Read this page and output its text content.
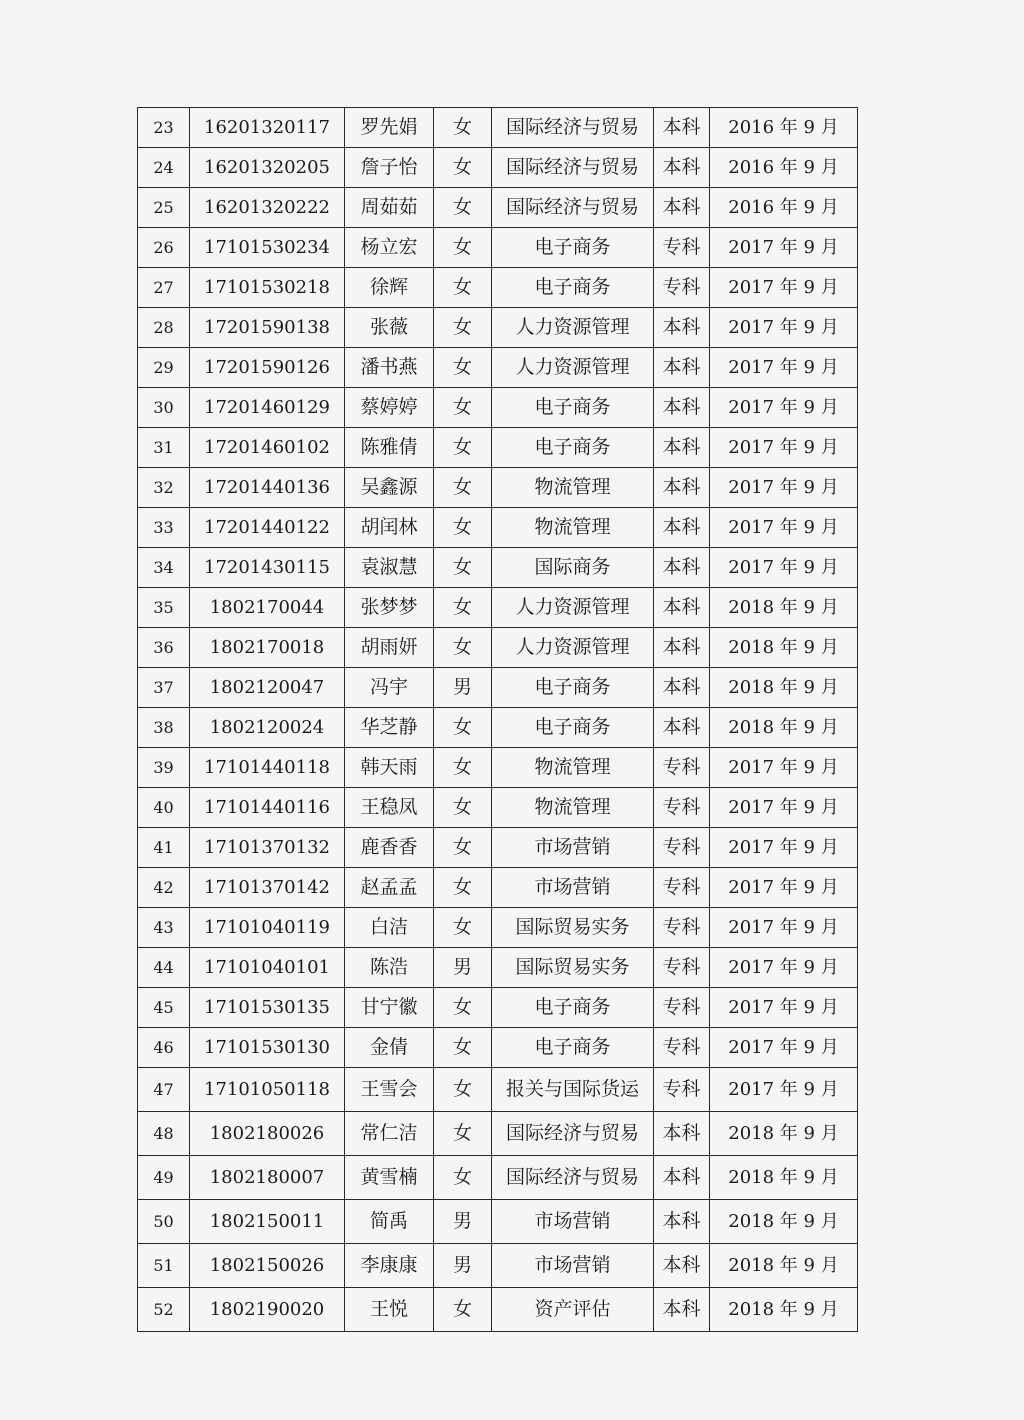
23	16201320117	罗先娟	女	国际经济与贸易	本科	2016 年 9 月
24	16201320205	詹子怡	女	国际经济与贸易	本科	2016 年 9 月
25	16201320222	周茹茹	女	国际经济与贸易	本科	2016 年 9 月
26	17101530234	杨立宏	女	电子商务	专科	2017 年 9 月
27	17101530218	徐辉	女	电子商务	专科	2017 年 9 月
28	17201590138	张薇	女	人力资源管理	本科	2017 年 9 月
29	17201590126	潘书燕	女	人力资源管理	本科	2017 年 9 月
30	17201460129	蔡婷婷	女	电子商务	本科	2017 年 9 月
31	17201460102	陈雅倩	女	电子商务	本科	2017 年 9 月
32	17201440136	吴鑫源	女	物流管理	本科	2017 年 9 月
33	17201440122	胡闰林	女	物流管理	本科	2017 年 9 月
34	17201430115	袁淑慧	女	国际商务	本科	2017 年 9 月
35	1802170044	张梦梦	女	人力资源管理	本科	2018 年 9 月
36	1802170018	胡雨妍	女	人力资源管理	本科	2018 年 9 月
37	1802120047	冯宇	男	电子商务	本科	2018 年 9 月
38	1802120024	华芝静	女	电子商务	本科	2018 年 9 月
39	17101440118	韩天雨	女	物流管理	专科	2017 年 9 月
40	17101440116	王稳凤	女	物流管理	专科	2017 年 9 月
41	17101370132	鹿香香	女	市场营销	专科	2017 年 9 月
42	17101370142	赵孟孟	女	市场营销	专科	2017 年 9 月
43	17101040119	白洁	女	国际贸易实务	专科	2017 年 9 月
44	17101040101	陈浩	男	国际贸易实务	专科	2017 年 9 月
45	17101530135	甘宁徽	女	电子商务	专科	2017 年 9 月
46	17101530130	金倩	女	电子商务	专科	2017 年 9 月
47	17101050118	王雪会	女	报关与国际货运	专科	2017 年 9 月
48	1802180026	常仁洁	女	国际经济与贸易	本科	2018 年 9 月
49	1802180007	黄雪楠	女	国际经济与贸易	本科	2018 年 9 月
50	1802150011	简禹	男	市场营销	本科	2018 年 9 月
51	1802150026	李康康	男	市场营销	本科	2018 年 9 月
52	1802190020	王悦	女	资产评估	本科	2018 年 9 月
